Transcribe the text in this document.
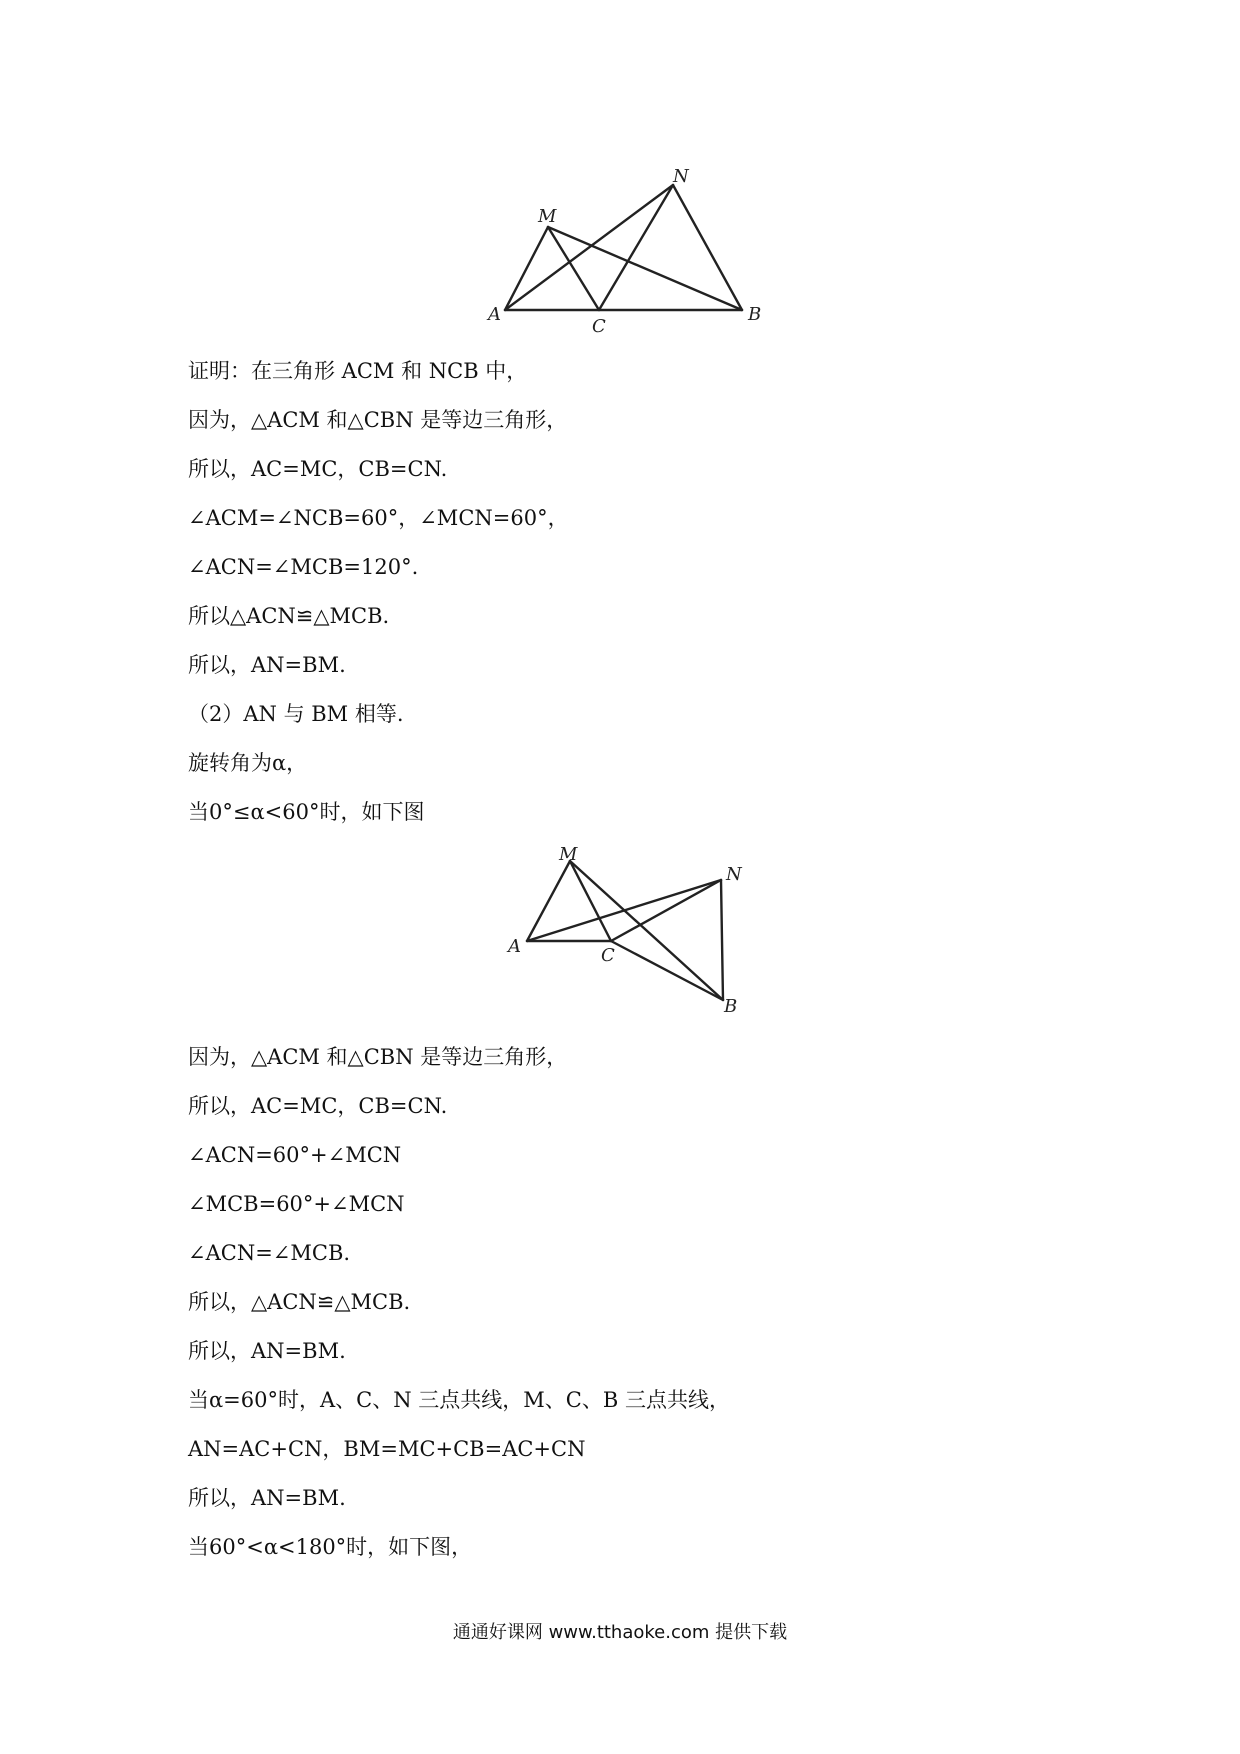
A	B
C
M
N
证明：在三角形 ACM 和 NCB 中，
因为，△ACM 和△CBN 是等边三角形，
所以，AC=MC，CB=CN.
∠ACM=∠NCB=60°，∠MCN=60°，
∠ACN=∠MCB=120°.
所以△ACN≌△MCB.
所以，AN=BM.
（2）AN 与 BM 相等.
旋转角为α，
当0°≤α<60°时，如下图
A
B
C
M
N
因为，△ACM 和△CBN 是等边三角形，
所以，AC=MC，CB=CN.
∠ACN=60°+∠MCN
∠MCB=60°+∠MCN
∠ACN=∠MCB.
所以，△ACN≌△MCB.
所以，AN=BM.
当α=60°时，A、C、N 三点共线，M、C、B 三点共线，
AN=AC+CN，BM=MC+CB=AC+CN
所以，AN=BM.
当60°<α<180°时，如下图，
通通好课网 www.tthaoke.com 提供下载
